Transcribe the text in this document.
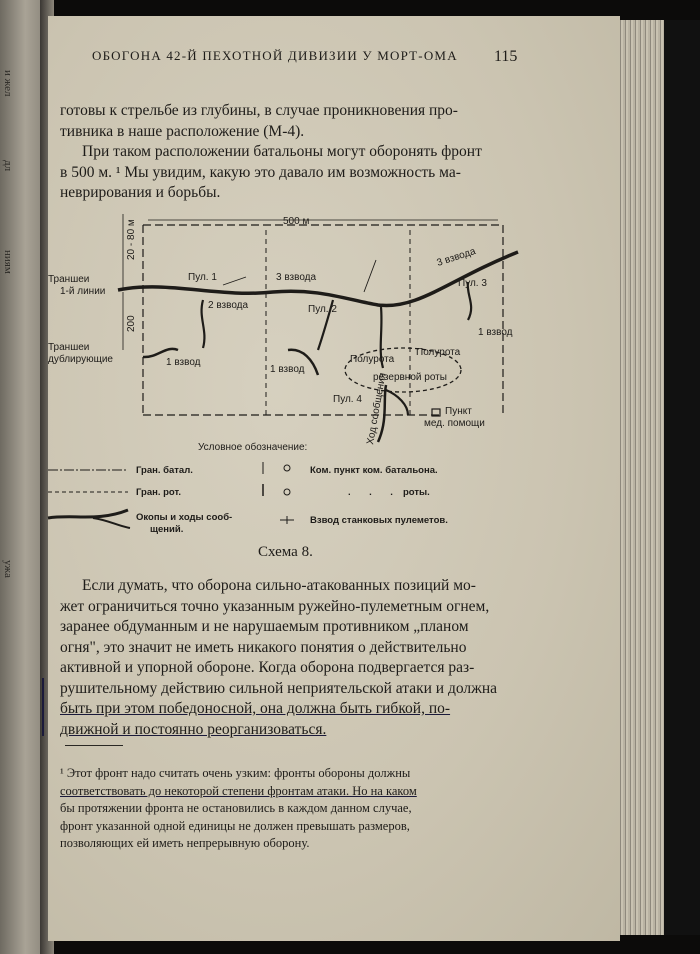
и жел
дл
ниям
ужа
ОБОГОНА 42-Й ПЕХОТНОЙ ДИВИЗИИ У МОРТ-ОМА 115
готовы к стрельбе из глубины, в случае проникновения про-
тивника в наше расположение (М-4).
При таком расположении батальоны могут оборонять фронт
в 500 м. ¹ Мы увидим, какую это давало им возможность ма-
неврирования и борьбы.
500 м
20 - 80 м
200
Траншеи
1-й линии
Траншеи
дублирующие
Пул. 1
2 взвода
3 взвода
Пул. 2
3 взвода
Пул. 3
1 взвод
1 взвод
1 взвод
Полурота
Полурота
резервной роты
Пул. 4
Пункт
мед. помощи
Ход сообщения
Условное обозначение:
Гран. батал.
Гран. рот.
Окопы и ходы сооб-
щений.
Ком. пункт ком. батальона.
.       .       . роты.
Взвод станковых пулеметов.
Схема 8.
Если думать, что оборона сильно-атакованных позиций мо-
жет ограничиться точно указанным ружейно-пулеметным огнем,
заранее обдуманным и не нарушаемым противником „планом
огня", это значит не иметь никакого понятия о действительно
активной и упорной обороне. Когда оборона подвергается раз-
рушительному действию сильной неприятельской атаки и должна
быть при этом победоносной, она должна быть гибкой, по-
движной и постоянно реорганизоваться.
¹ Этот фронт надо считать очень узким: фронты обороны должны
соответствовать до некоторой степени фронтам атаки. Но на каком
бы протяжении фронта не остановились в каждом данном случае,
фронт указанной одной единицы не должен превышать размеров,
позволяющих ей иметь непрерывную оборону.
